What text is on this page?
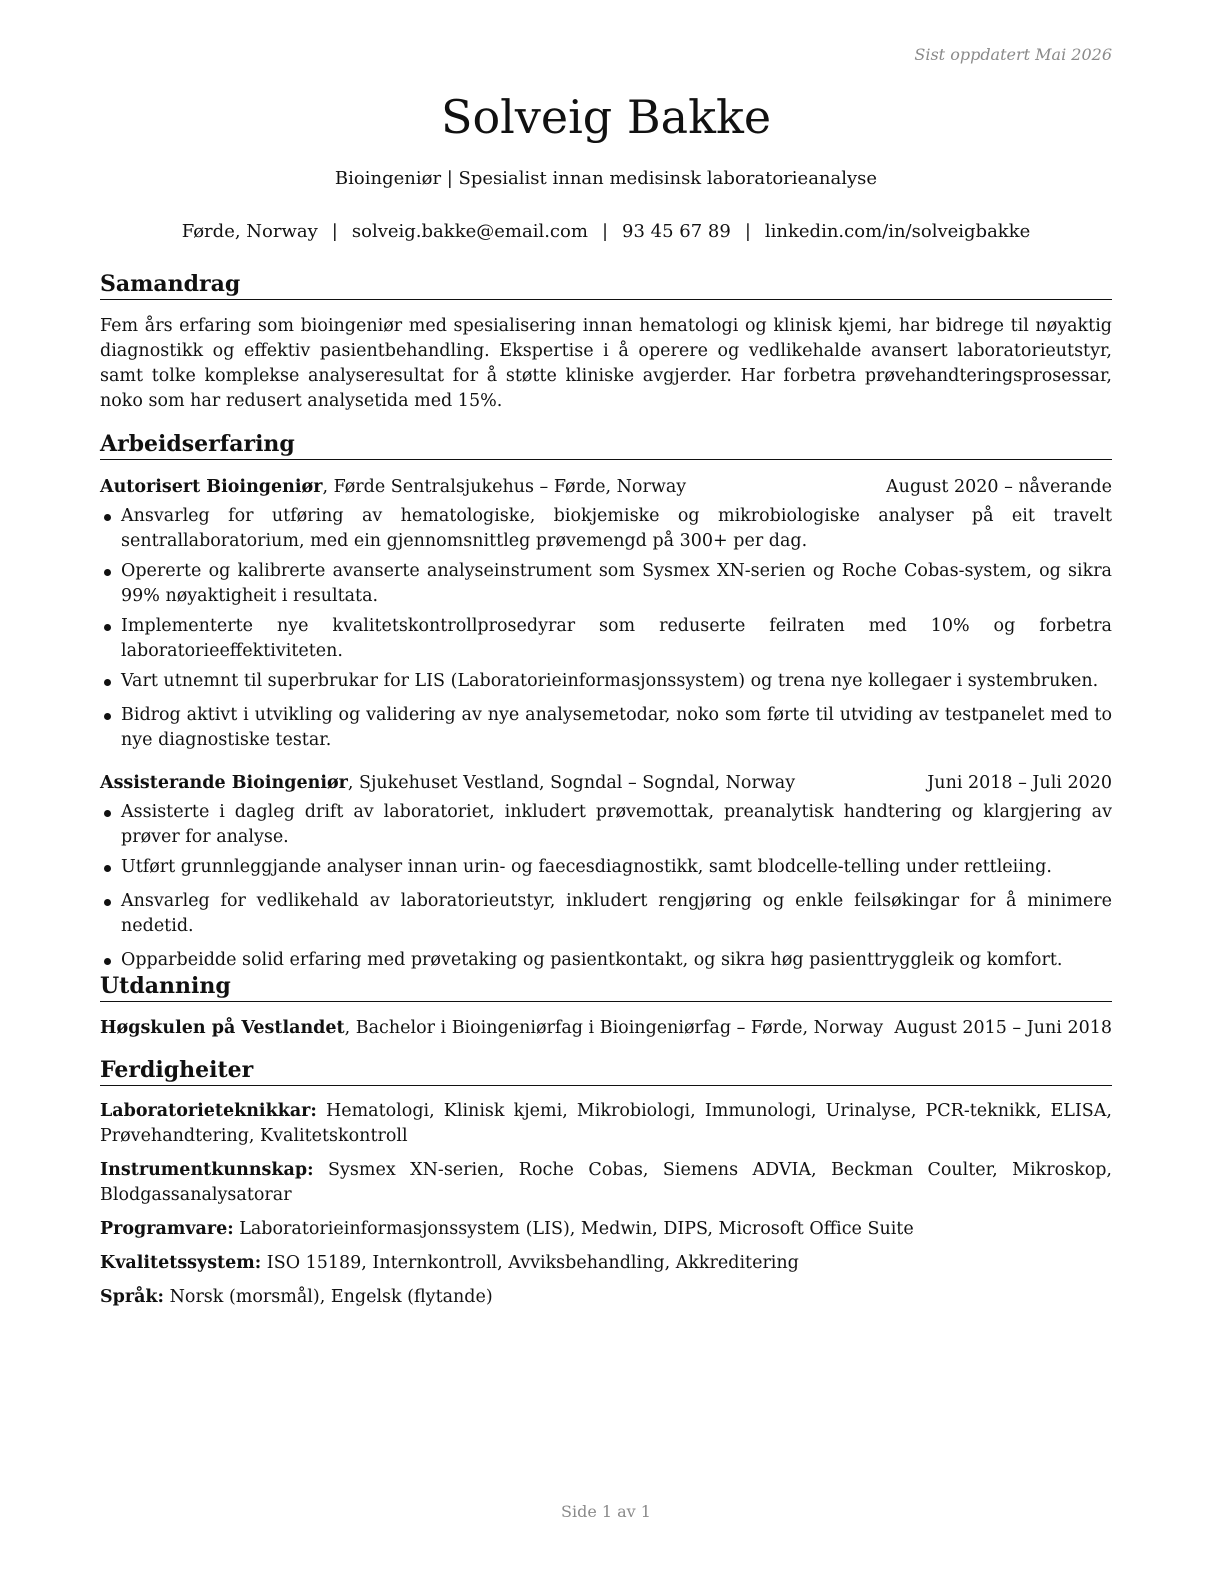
Sist oppdatert Mai 2026
Solveig Bakke
Bioingeniør | Spesialist innan medisinsk laboratorieanalyse
Førde, Norway | solveig.bakke@email.com | 93 45 67 89 | linkedin.com/in/solveigbakke
Samandrag

Fem års erfaring som bioingeniør med spesialisering innan hematologi og klinisk kjemi, har bidrege til nøyaktig diagnostikk og effektiv pasientbehandling. Ekspertise i å operere og vedlikehalde avansert laboratorieutstyr, samt tolke komplekse analyseresultat for å støtte kliniske avgjerder. Har forbetra prøvehandteringsprosessar, noko som har redusert analysetida med 15%.

Arbeidserfaring
Autorisert Bioingeniør, Førde Sentralsjukehus – Førde, Norway	August 2020 – nåverande
Ansvarleg for utføring av hematologiske, biokjemiske og mikrobiologiske analyser på eit travelt sentrallaboratorium, med ein gjennomsnittleg prøvemengd på 300+ per dag.
Opererte og kalibrerte avanserte analyseinstrument som Sysmex XN-serien og Roche Cobas-system, og sikra 99% nøyaktigheit i resultata.
Implementerte nye kvalitetskontrollprosedyrar som reduserte feilraten med 10% og forbetra laboratorieeffektiviteten.
Vart utnemnt til superbrukar for LIS (Laboratorieinformasjonssystem) og trena nye kollegaer i systembruken.
Bidrog aktivt i utvikling og validering av nye analysemetodar, noko som førte til utviding av testpanelet med to nye diagnostiske testar.
Assisterande Bioingeniør, Sjukehuset Vestland, Sogndal – Sogndal, Norway	Juni 2018 – Juli 2020
Assisterte i dagleg drift av laboratoriet, inkludert prøvemottak, preanalytisk handtering og klargjering av prøver for analyse.
Utført grunnleggjande analyser innan urin- og faecesdiagnostikk, samt blodcelle-telling under rettleiing.
Ansvarleg for vedlikehald av laboratorieutstyr, inkludert rengjøring og enkle feilsøkingar for å minimere nedetid.
Opparbeidde solid erfaring med prøvetaking og pasientkontakt, og sikra høg pasienttryggleik og komfort.
Utdanning
Høgskulen på Vestlandet, Bachelor i Bioingeniørfag i Bioingeniørfag – Førde, Norway August 2015 – Juni 2018
Ferdigheiter

Laboratorieteknikkar: Hematologi, Klinisk kjemi, Mikrobiologi, Immunologi, Urinalyse, PCR-teknikk, ELISA, Prøvehandtering, Kvalitetskontroll

Instrumentkunnskap: Sysmex XN-serien, Roche Cobas, Siemens ADVIA, Beckman Coulter, Mikroskop, Blodgassanalysatorar

Programvare: Laboratorieinformasjonssystem (LIS), Medwin, DIPS, Microsoft Office Suite

Kvalitetssystem: ISO 15189, Internkontroll, Avviksbehandling, Akkreditering

Språk: Norsk (morsmål), Engelsk (flytande)

Side 1 av 1
